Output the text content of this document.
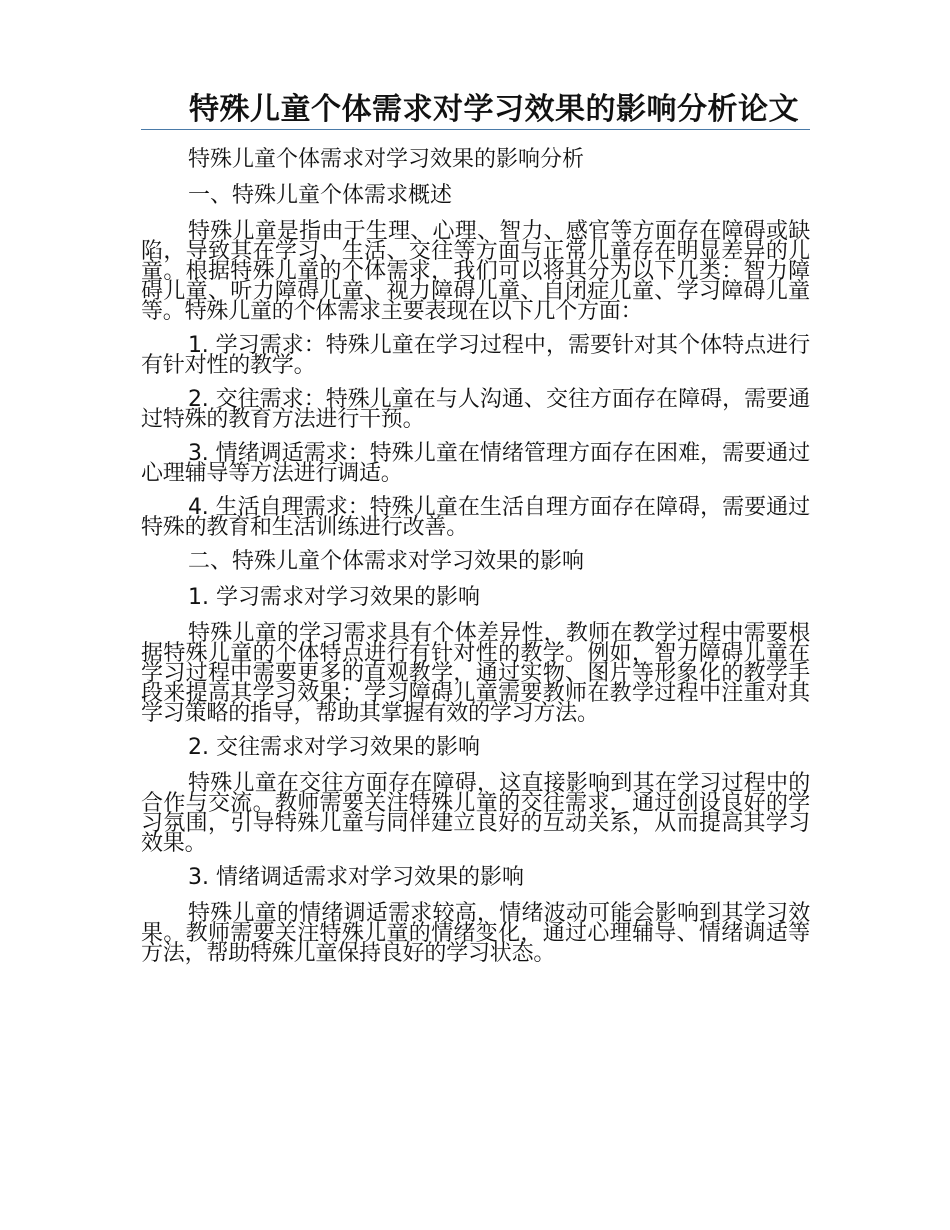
特殊儿童个体需求对学习效果的影响分析论文

特殊儿童个体需求对学习效果的影响分析

一、特殊儿童个体需求概述

特殊儿童是指由于生理、心理、智力、感官等方面存在障碍或缺陷，导致其在学习、生活、交往等方面与正常儿童存在明显差异的儿童。根据特殊儿童的个体需求，我们可以将其分为以下几类：智力障碍儿童、听力障碍儿童、视力障碍儿童、自闭症儿童、学习障碍儿童等。特殊儿童的个体需求主要表现在以下几个方面：

1. 学习需求：特殊儿童在学习过程中，需要针对其个体特点进行有针对性的教学。

2. 交往需求：特殊儿童在与人沟通、交往方面存在障碍，需要通过特殊的教育方法进行干预。

3. 情绪调适需求：特殊儿童在情绪管理方面存在困难，需要通过心理辅导等方法进行调适。

4. 生活自理需求：特殊儿童在生活自理方面存在障碍，需要通过特殊的教育和生活训练进行改善。

二、特殊儿童个体需求对学习效果的影响

1. 学习需求对学习效果的影响

特殊儿童的学习需求具有个体差异性，教师在教学过程中需要根据特殊儿童的个体特点进行有针对性的教学。例如，智力障碍儿童在学习过程中需要更多的直观教学，通过实物、图片等形象化的教学手段来提高其学习效果；学习障碍儿童需要教师在教学过程中注重对其学习策略的指导，帮助其掌握有效的学习方法。

2. 交往需求对学习效果的影响

特殊儿童在交往方面存在障碍，这直接影响到其在学习过程中的合作与交流。教师需要关注特殊儿童的交往需求，通过创设良好的学习氛围，引导特殊儿童与同伴建立良好的互动关系，从而提高其学习效果。

3. 情绪调适需求对学习效果的影响

特殊儿童的情绪调适需求较高，情绪波动可能会影响到其学习效果。教师需要关注特殊儿童的情绪变化，通过心理辅导、情绪调适等方法，帮助特殊儿童保持良好的学习状态。
